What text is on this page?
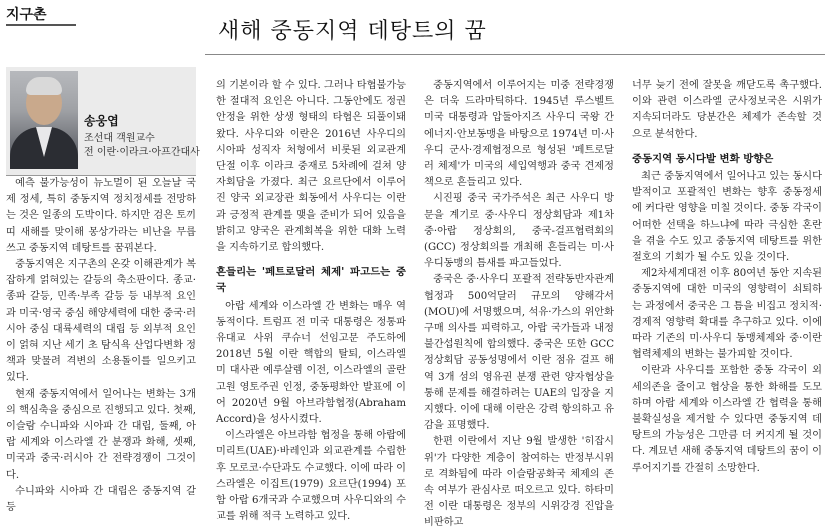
지구촌
새해 중동지역 데탕트의 꿈
송웅엽
조선대 객원교수
전 이란·이라크·아프간대사

예측 불가능성이 뉴노멀이 된 오늘날 국제 정세, 특히 중동지역 정치정세를 전망하는 것은 일종의 도박이다. 하지만 검은 토끼띠 새해를 맞이해 몽상가라는 비난을 무릅쓰고 중동지역 데탕트를 꿈꿔본다.

중동지역은 지구촌의 온갖 이해관계가 복잡하게 얽혀있는 갈등의 축소판이다. 종교·종파 갈등, 민족·부족 갈등 등 내부적 요인과 미국·영국 중심 해양세력에 대한 중국·러시아 중심 대륙세력의 대립 등 외부적 요인이 얽혀 지난 세기 초 탐식욕 산업다변화 정책과 맞물려 격변의 소용돌이를 일으키고 있다.

현재 중동지역에서 일어나는 변화는 3개의 핵심축을 중심으로 진행되고 있다. 첫째, 이슬람 수니파와 시아파 간 대립, 둘째, 아랍 세계와 이스라엘 간 분쟁과 화해, 셋째, 미국과 중국·러시아 간 전략경쟁이 그것이다.

수니파와 시아파 간 대립은 중동지역 갈등

의 기본이라 할 수 있다. 그러나 타협불가능한 절대적 요인은 아니다. 그동안에도 정권 안정을 위한 상생 형태의 타협은 되풀이돼 왔다. 사우디와 이란은 2016년 사우디의 시아파 성직자 처형에서 비롯된 외교관계 단절 이후 이라크 중재로 5차례에 걸쳐 양자회담을 가졌다. 최근 요르단에서 이루어진 양국 외교장관 회동에서 사우디는 이란과 긍정적 관계를 맺을 준비가 되어 있음을 밝히고 양국은 관계회복을 위한 대화 노력을 지속하기로 합의했다.

흔들리는 '페트로달러 체제' 파고드는 중국

아랍 세계와 이스라엘 간 변화는 매우 역동적이다. 트럼프 전 미국 대통령은 정통파 유대교 사위 쿠슈너 선임고문 주도하에 2018년 5월 이란 핵합의 탈퇴, 이스라엘 미 대사관 예루살렘 이전, 이스라엘의 골란고원 영토주권 인정, 중동평화안 발표에 이어 2020년 9월 아브라함협정(Abraham Accord)을 성사시켰다.

이스라엘은 아브라함 협정을 통해 아랍에미리트(UAE)·바레인과 외교관계를 수립한 후 모로코·수단과도 수교했다. 이에 따라 이스라엘은 이집트(1979) 요르단(1994) 포함 아랍 6개국과 수교했으며 사우디와의 수교를 위해 적극 노력하고 있다.

중동지역에서 이루어지는 미중 전략경쟁은 더욱 드라마틱하다. 1945년 루스벨트 미국 대통령과 압둘아지즈 사우디 국왕 간 에너지·안보동맹을 바탕으로 1974년 미·사우디 군사·경제협정으로 형성된 '페트로달러 체제'가 미국의 세입역행과 중국 견제정책으로 흔들리고 있다.

시진핑 중국 국가주석은 최근 사우디 방문을 계기로 중·사우디 정상회담과 제1차 중·아랍 정상회의, 중국-걸프협력회의(GCC) 정상회의를 개최해 흔들리는 미·사우디동맹의 틈새를 파고들었다.

중국은 중·사우디 포괄적 전략동반자관계 협정과 500억달러 규모의 양해각서(MOU)에 서명했으며, 석유·가스의 위안화 구매 의사를 피력하고, 아랍 국가들과 내정 불간섭원칙에 합의했다. 중국은 또한 GCC 정상회담 공동성명에서 이란 점유 걸프 해역 3개 섬의 영유권 분쟁 관련 양자협상을 통해 문제를 해결하려는 UAE의 입장을 지지했다. 이에 대해 이란은 강력 항의하고 유감을 표명했다.

한편 이란에서 지난 9월 발생한 '히잡시위'가 다양한 계층이 참여하는 반정부시위로 격화됨에 따라 이슬람공화국 체제의 존속 여부가 관심사로 떠오르고 있다. 하타미 전 이란 대통령은 정부의 시위강경 진압을 비판하고

너무 늦기 전에 잘못을 깨닫도록 촉구했다. 이와 관련 이스라엘 군사정보국은 시위가 지속되더라도 당분간은 체제가 존속할 것으로 분석한다.

중동지역 동시다발 변화 방향은

최근 중동지역에서 일어나고 있는 동시다발적이고 포괄적인 변화는 향후 중동정세에 커다란 영향을 미칠 것이다. 중동 각국이 어떠한 선택을 하느냐에 따라 극심한 혼란을 겪을 수도 있고 중동지역 데탕트를 위한 절호의 기회가 될 수도 있을 것이다.

제2차세계대전 이후 80여년 동안 지속된 중동지역에 대한 미국의 영향력이 쇠퇴하는 과정에서 중국은 그 틈을 비집고 정치적·경제적 영향력 확대를 추구하고 있다. 이에 따라 기존의 미·사우디 동맹체제와 중·이란 협력체제의 변화는 불가피할 것이다.

이란과 사우디를 포함한 중동 각국이 외세의존을 줄이고 협상을 통한 화해를 도모하며 아랍 세계와 이스라엘 간 협력을 통해 불확실성을 제거할 수 있다면 중동지역 데탕트의 가능성은 그만큼 더 커지게 될 것이다. 계묘년 새해 중동지역 데탕트의 꿈이 이루어지기를 간절히 소망한다.
